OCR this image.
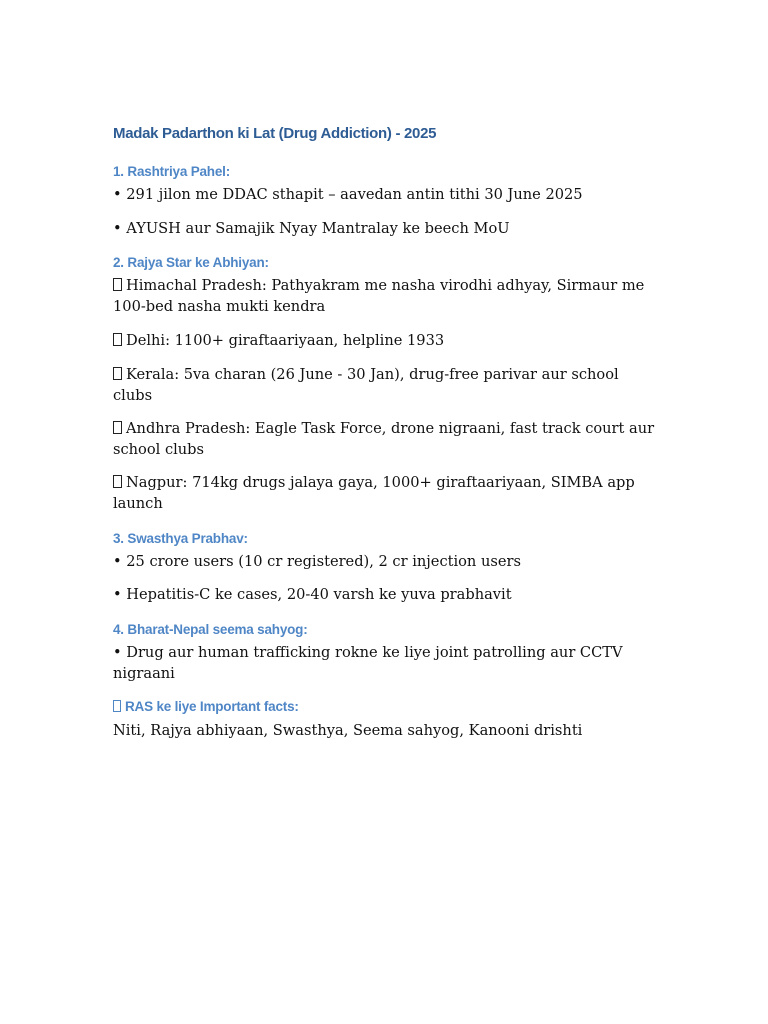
Madak Padarthon ki Lat (Drug Addiction) - 2025
1. Rashtriya Pahel:
• 291 jilon me DDAC sthapit – aavedan antin tithi 30 June 2025
• AYUSH aur Samajik Nyay Mantralay ke beech MoU
2. Rajya Star ke Abhiyan:
Himachal Pradesh: Pathyakram me nasha virodhi adhyay, Sirmaur me 100-bed nasha mukti kendra
Delhi: 1100+ giraftaariyaan, helpline 1933
Kerala: 5va charan (26 June - 30 Jan), drug-free parivar aur school clubs
Andhra Pradesh: Eagle Task Force, drone nigraani, fast track court aur school clubs
Nagpur: 714kg drugs jalaya gaya, 1000+ giraftaariyaan, SIMBA app launch
3. Swasthya Prabhav:
• 25 crore users (10 cr registered), 2 cr injection users
• Hepatitis-C ke cases, 20-40 varsh ke yuva prabhavit
4. Bharat-Nepal seema sahyog:
• Drug aur human trafficking rokne ke liye joint patrolling aur CCTV nigraani
RAS ke liye Important facts:
Niti, Rajya abhiyaan, Swasthya, Seema sahyog, Kanooni drishti
